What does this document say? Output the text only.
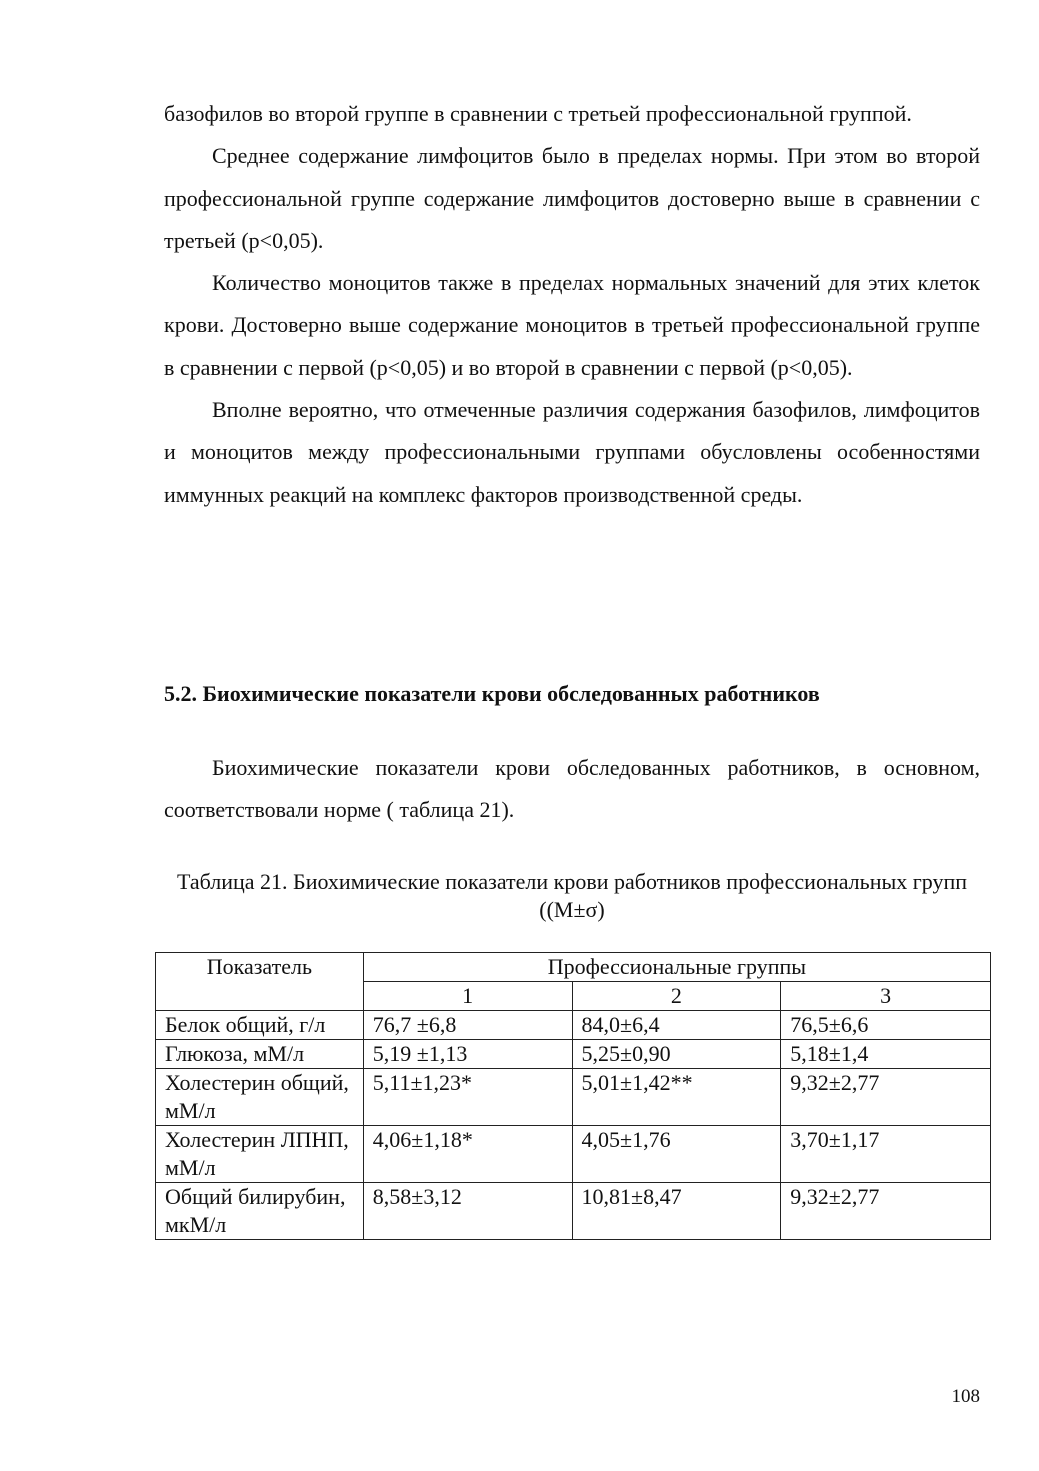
базофилов во второй группе в сравнении с третьей профессиональной группой.

Среднее содержание лимфоцитов было в пределах нормы. При этом во второй профессиональной группе содержание лимфоцитов достоверно выше в сравнении с третьей (р<0,05).

Количество моноцитов также в пределах нормальных значений для этих клеток крови. Достоверно выше содержание моноцитов в третьей профессиональной группе в сравнении с первой (р<0,05) и во второй в сравнении с первой (р<0,05).

Вполне вероятно, что отмеченные различия содержания базофилов, лимфоцитов и моноцитов между профессиональными группами обусловлены особенностями иммунных реакций на комплекс факторов производственной среды.

5.2. Биохимические показатели крови обследованных работников

Биохимические показатели крови обследованных работников, в основном, соответствовали норме ( таблица 21).

Таблица 21. Биохимические показатели крови работников профессиональных групп ((М±σ)

Показатель	Профессиональные группы		
	1	2	3
Белок общий, г/л	76,7 ±6,8	84,0±6,4	76,5±6,6
Глюкоза, мМ/л	5,19 ±1,13	5,25±0,90	5,18±1,4
Холестерин общий, мМ/л	5,11±1,23*	5,01±1,42**	9,32±2,77
Холестерин ЛПНП, мМ/л	4,06±1,18*	4,05±1,76	3,70±1,17
Общий билирубин, мкМ/л	8,58±3,12	10,81±8,47	9,32±2,77
108
